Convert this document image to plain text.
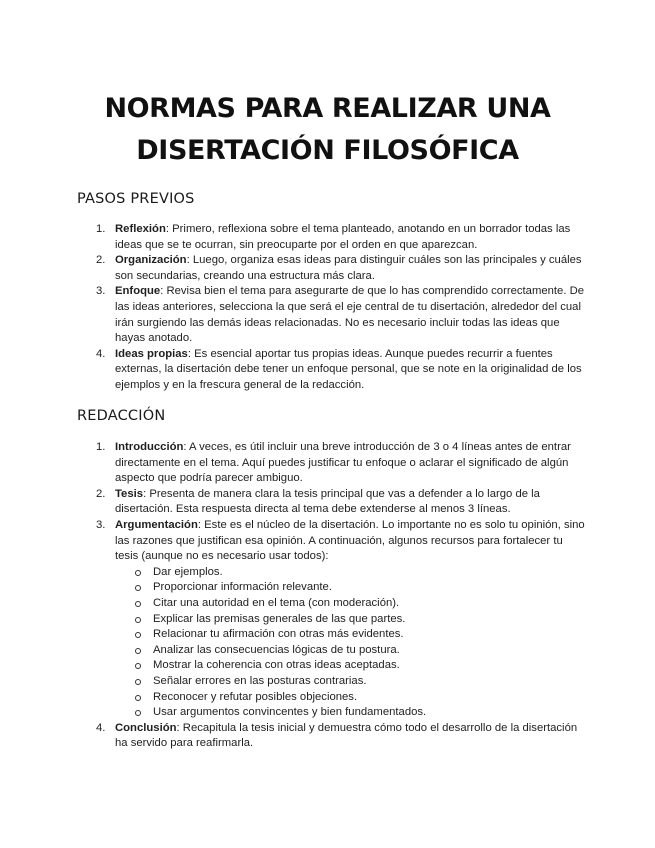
NORMAS PARA REALIZAR UNA
DISERTACIÓN FILOSÓFICA
PASOS PREVIOS
1. Reflexión: Primero, reflexiona sobre el tema planteado, anotando en un borrador todas las ideas que se te ocurran, sin preocuparte por el orden en que aparezcan.
2. Organización: Luego, organiza esas ideas para distinguir cuáles son las principales y cuáles son secundarias, creando una estructura más clara.
3. Enfoque: Revisa bien el tema para asegurarte de que lo has comprendido correctamente. De las ideas anteriores, selecciona la que será el eje central de tu disertación, alrededor del cual irán surgiendo las demás ideas relacionadas. No es necesario incluir todas las ideas que hayas anotado.
4. Ideas propias: Es esencial aportar tus propias ideas. Aunque puedes recurrir a fuentes externas, la disertación debe tener un enfoque personal, que se note en la originalidad de los ejemplos y en la frescura general de la redacción.
REDACCIÓN
1. Introducción: A veces, es útil incluir una breve introducción de 3 o 4 líneas antes de entrar directamente en el tema. Aquí puedes justificar tu enfoque o aclarar el significado de algún aspecto que podría parecer ambiguo.
2. Tesis: Presenta de manera clara la tesis principal que vas a defender a lo largo de la disertación. Esta respuesta directa al tema debe extenderse al menos 3 líneas.
3. Argumentación: Este es el núcleo de la disertación. Lo importante no es solo tu opinión, sino las razones que justifican esa opinión. A continuación, algunos recursos para fortalecer tu tesis (aunque no es necesario usar todos):
Dar ejemplos.
Proporcionar información relevante.
Citar una autoridad en el tema (con moderación).
Explicar las premisas generales de las que partes.
Relacionar tu afirmación con otras más evidentes.
Analizar las consecuencias lógicas de tu postura.
Mostrar la coherencia con otras ideas aceptadas.
Señalar errores en las posturas contrarias.
Reconocer y refutar posibles objeciones.
Usar argumentos convincentes y bien fundamentados.
4. Conclusión: Recapitula la tesis inicial y demuestra cómo todo el desarrollo de la disertación ha servido para reafirmarla.
